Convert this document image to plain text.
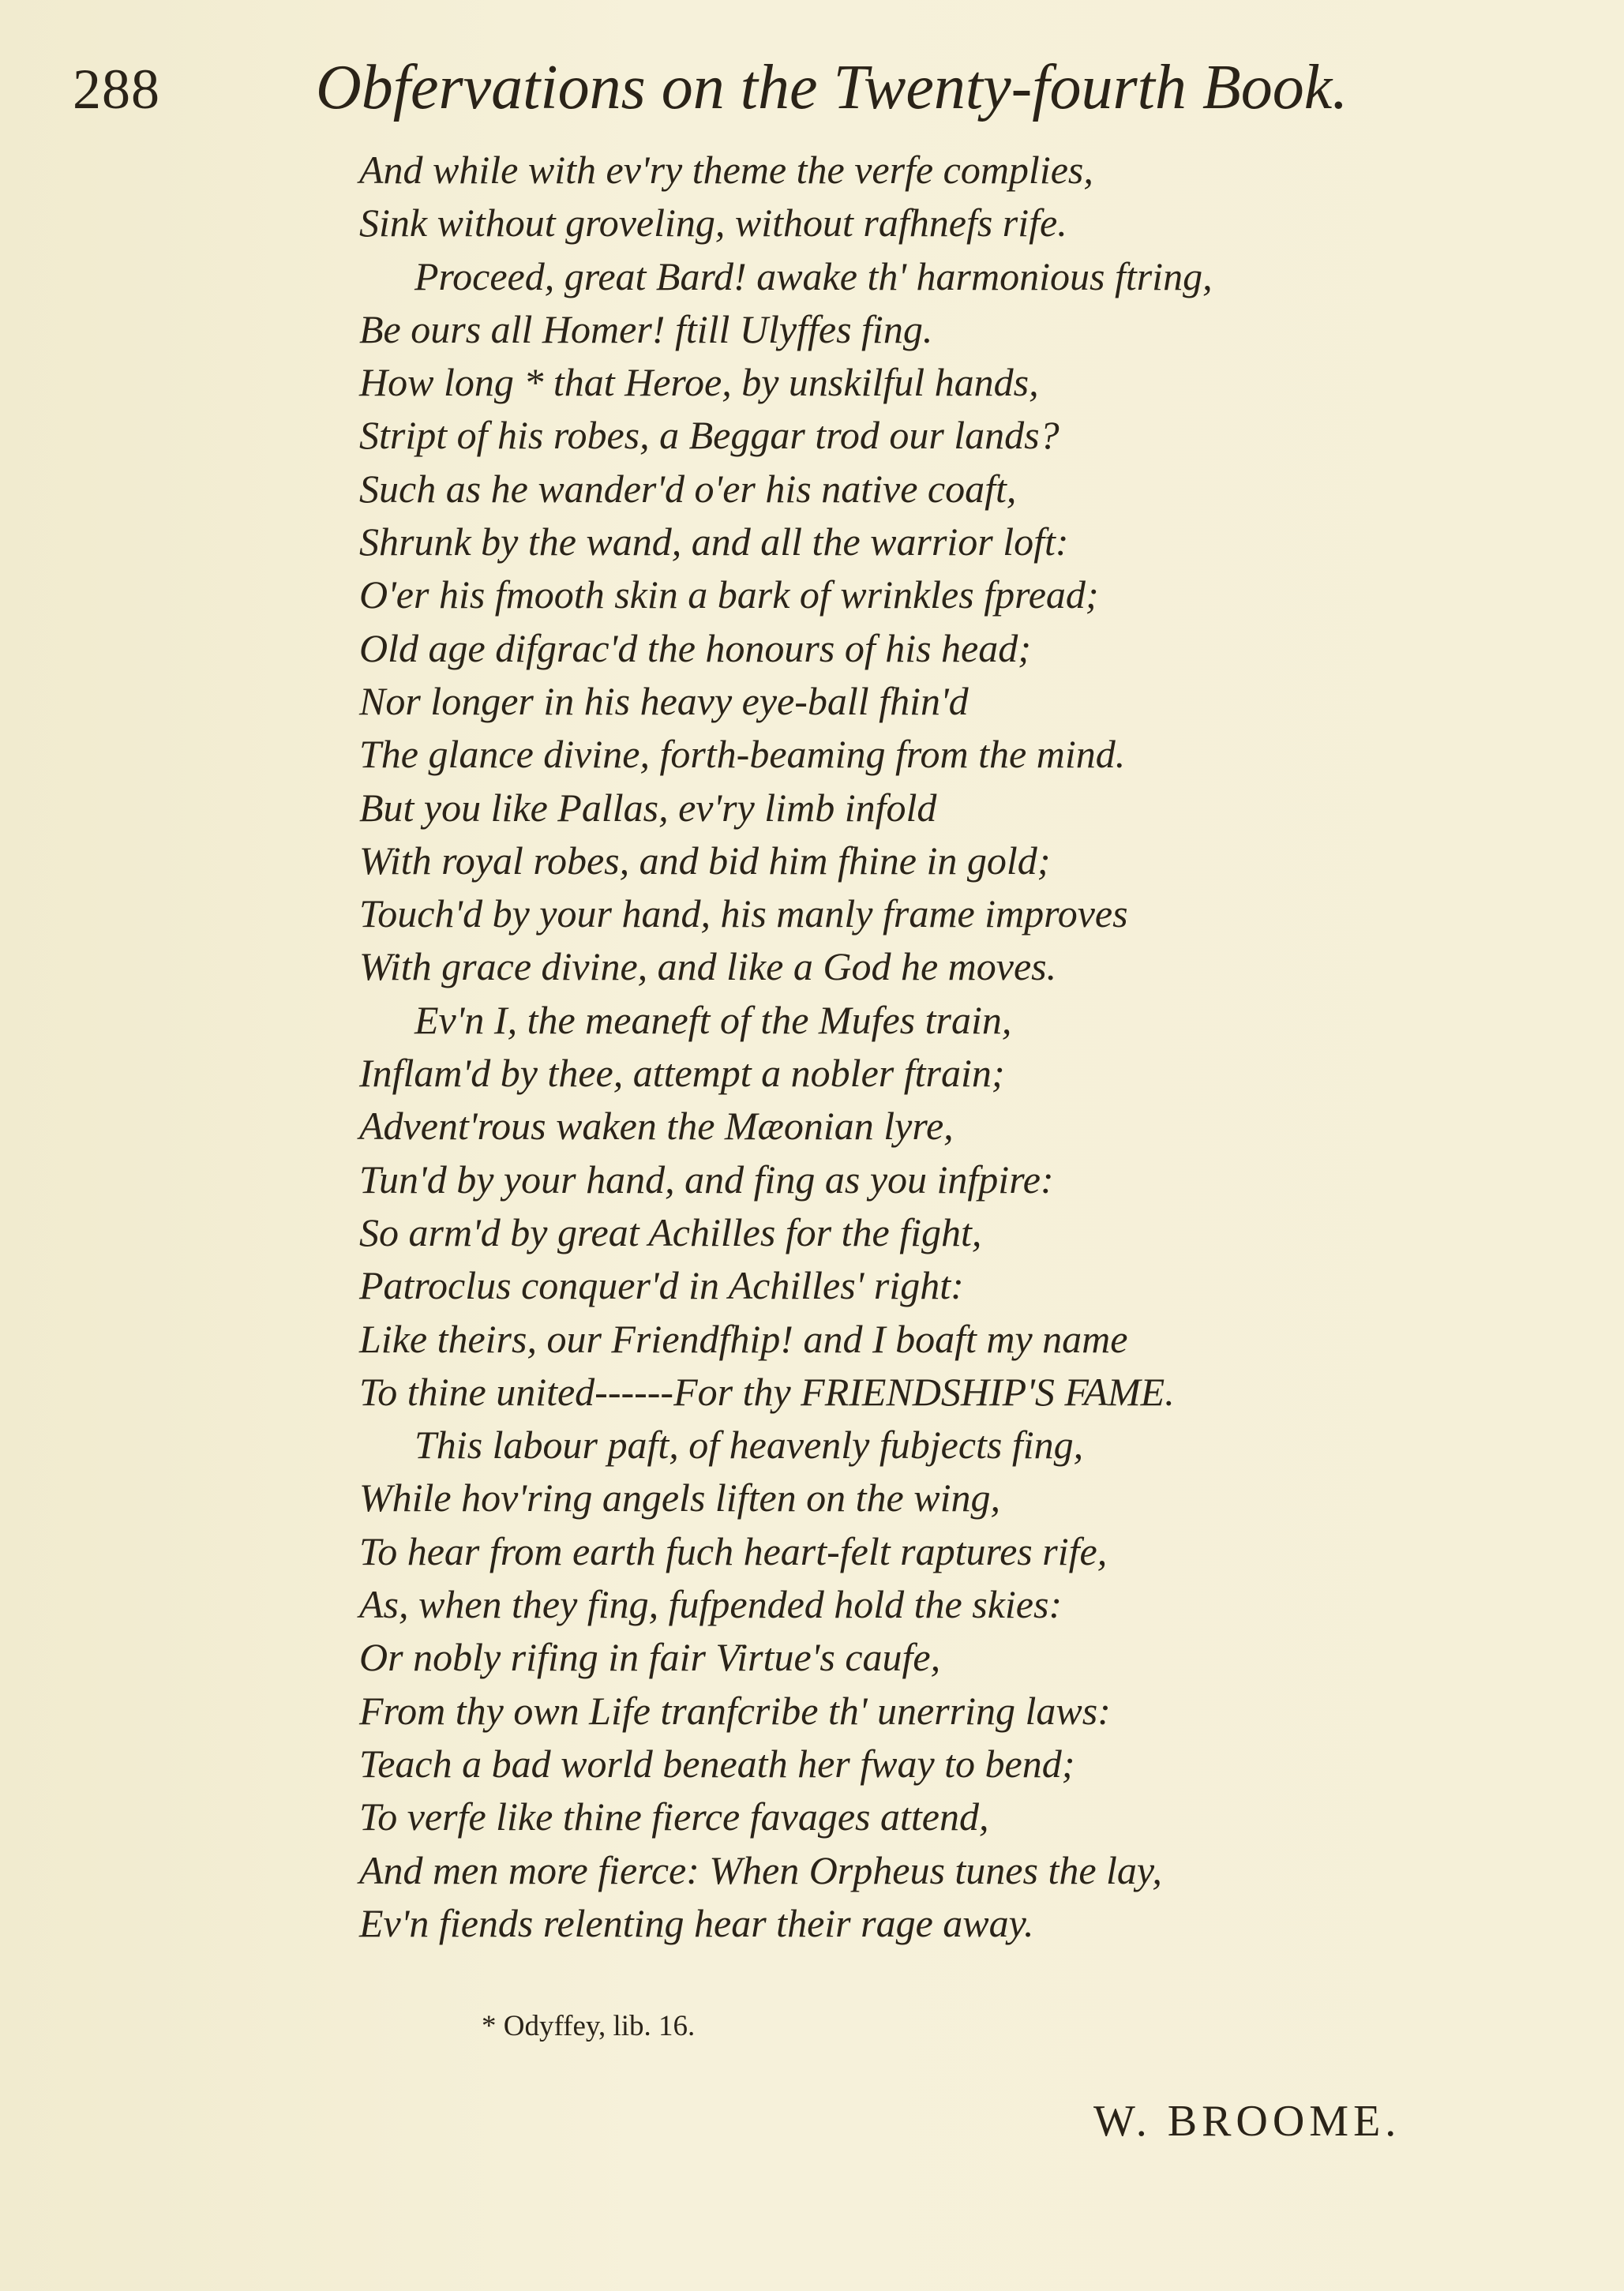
288 Obfervations on the Twenty-fourth Book.
And while with ev'ry theme the verfe complies,
Sink without groveling, without rafhnefs rife.
Proceed, great Bard! awake th' harmonious ftring,
Be ours all Homer! ftill Ulyffes fing.
How long * that Heroe, by unskilful hands,
Stript of his robes, a Beggar trod our lands?
Such as he wander'd o'er his native coaft,
Shrunk by the wand, and all the warrior loft:
O'er his fmooth skin a bark of wrinkles fpread;
Old age difgrac'd the honours of his head;
Nor longer in his heavy eye-ball fhin'd
The glance divine, forth-beaming from the mind.
But you like Pallas, ev'ry limb infold
With royal robes, and bid him fhine in gold;
Touch'd by your hand, his manly frame improves
With grace divine, and like a God he moves.
Ev'n I, the meaneft of the Mufes train,
Inflam'd by thee, attempt a nobler ftrain;
Advent'rous waken the Mæonian lyre,
Tun'd by your hand, and fing as you infpire:
So arm'd by great Achilles for the fight,
Patroclus conquer'd in Achilles' right:
Like theirs, our Friendfhip! and I boaft my name
To thine united------For thy FRIENDSHIP'S FAME.
This labour paft, of heavenly fubjects fing,
While hov'ring angels liften on the wing,
To hear from earth fuch heart-felt raptures rife,
As, when they fing, fufpended hold the skies:
Or nobly rifing in fair Virtue's caufe,
From thy own Life tranfcribe th' unerring laws:
Teach a bad world beneath her fway to bend;
To verfe like thine fierce favages attend,
And men more fierce: When Orpheus tunes the lay,
Ev'n fiends relenting hear their rage away.
* Odyffey, lib. 16.
W. BROOME.
